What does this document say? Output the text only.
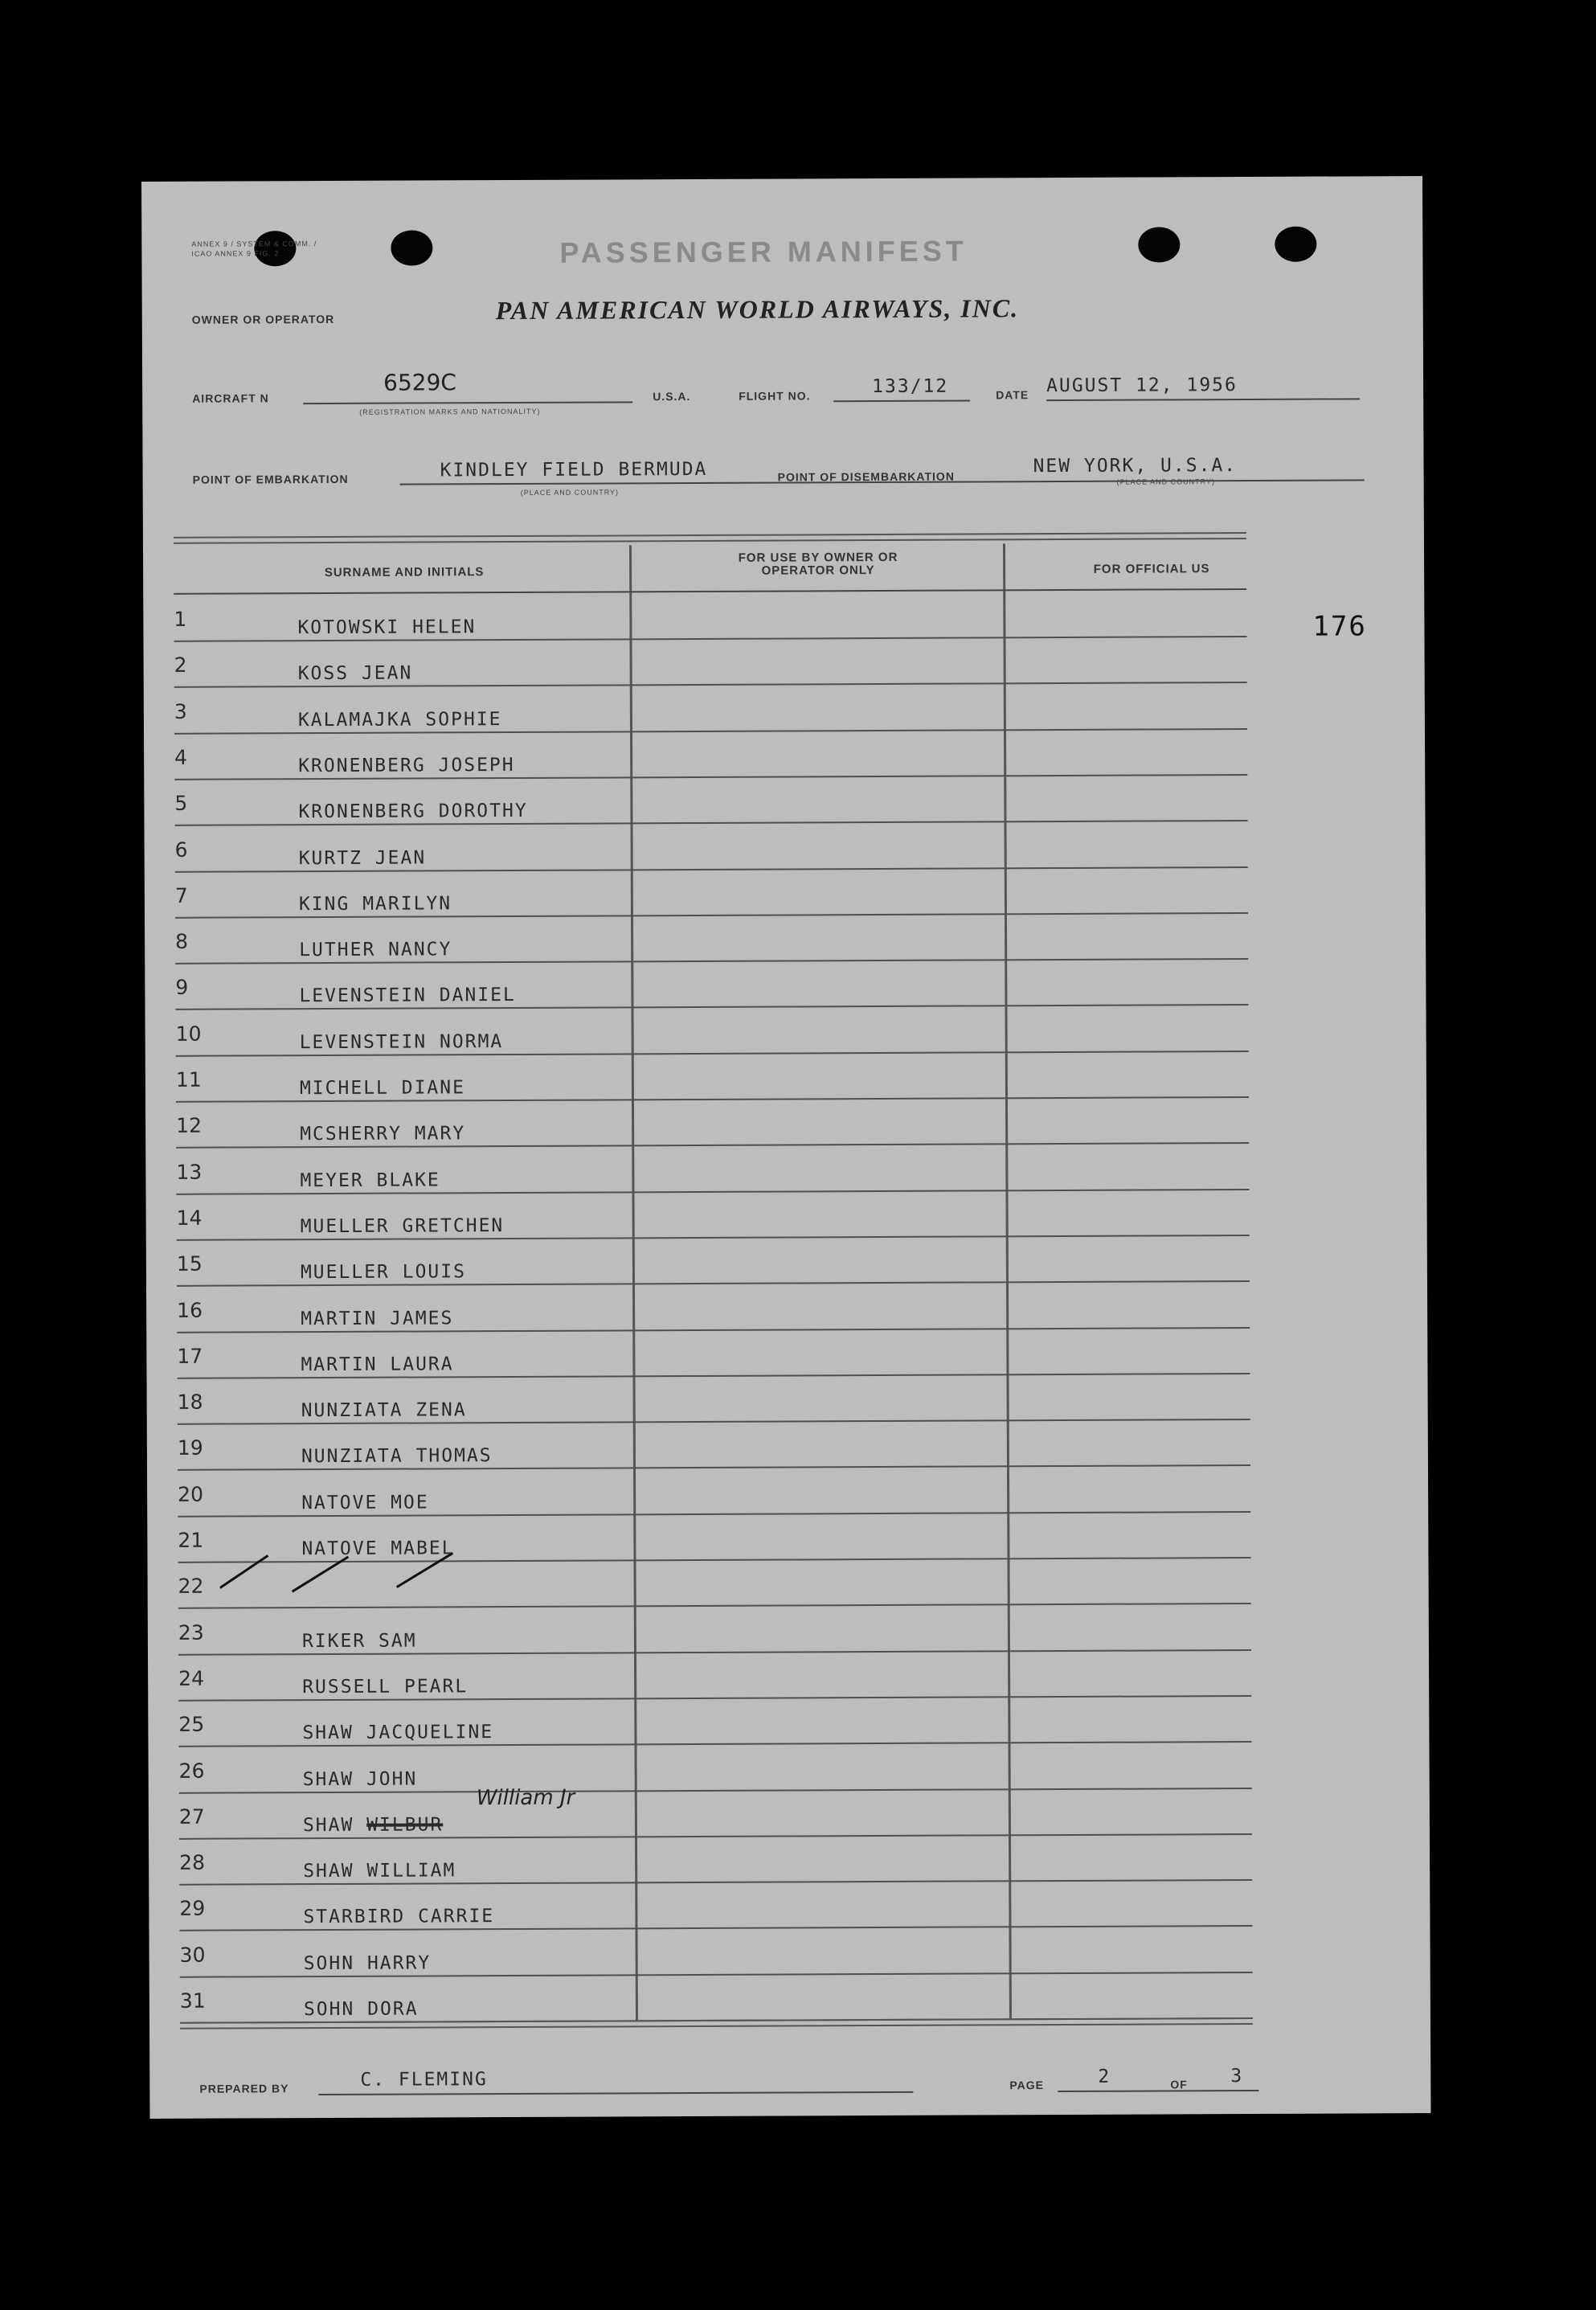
ANNEX 9 / SYSTEM & COMM. / ICAO ANNEX 9 FIG. 2	PASSENGER MANIFEST
OWNER OR OPERATOR	PAN AMERICAN WORLD AIRWAYS, INC.
AIRCRAFT N
6529C
(REGISTRATION MARKS AND NATIONALITY)
U.S.A.	FLIGHT NO.	133/12	DATE AUGUST 12, 1956
POINT OF EMBARKATION	KINDLEY FIELD BERMUDA	POINT OF DISEMBARKATION	NEW YORK, U.S.A.
(PLACE AND COUNTRY)
(PLACE AND COUNTRY)
SURNAME AND INITIALS
FOR USE BY OWNER OR OPERATOR ONLY	FOR OFFICIAL US
176
1	KOTOWSKI HELEN
2	KOSS JEAN
3	KALAMAJKA SOPHIE
4	KRONENBERG JOSEPH
5	KRONENBERG DOROTHY
6	KURTZ JEAN
7	KING MARILYN
8	LUTHER NANCY
9	LEVENSTEIN DANIEL
10	LEVENSTEIN NORMA
11	MICHELL DIANE
12	MCSHERRY MARY
13	MEYER BLAKE
14	MUELLER GRETCHEN
15	MUELLER LOUIS
16	MARTIN JAMES
17	MARTIN LAURA
18	NUNZIATA ZENA
19	NUNZIATA THOMAS
20	NATOVE MOE
21	NATOVE MABEL
22
23	RIKER SAM
24	RUSSELL PEARL
25	SHAW JACQUELINE
26	SHAW JOHN
27	SHAW WILBUR
28	SHAW WILLIAM
29	STARBIRD CARRIE
30	SOHN HARRY
31	SOHN DORA
William Jr
PREPARED BY	C. FLEMING	PAGE	2	OF 3
